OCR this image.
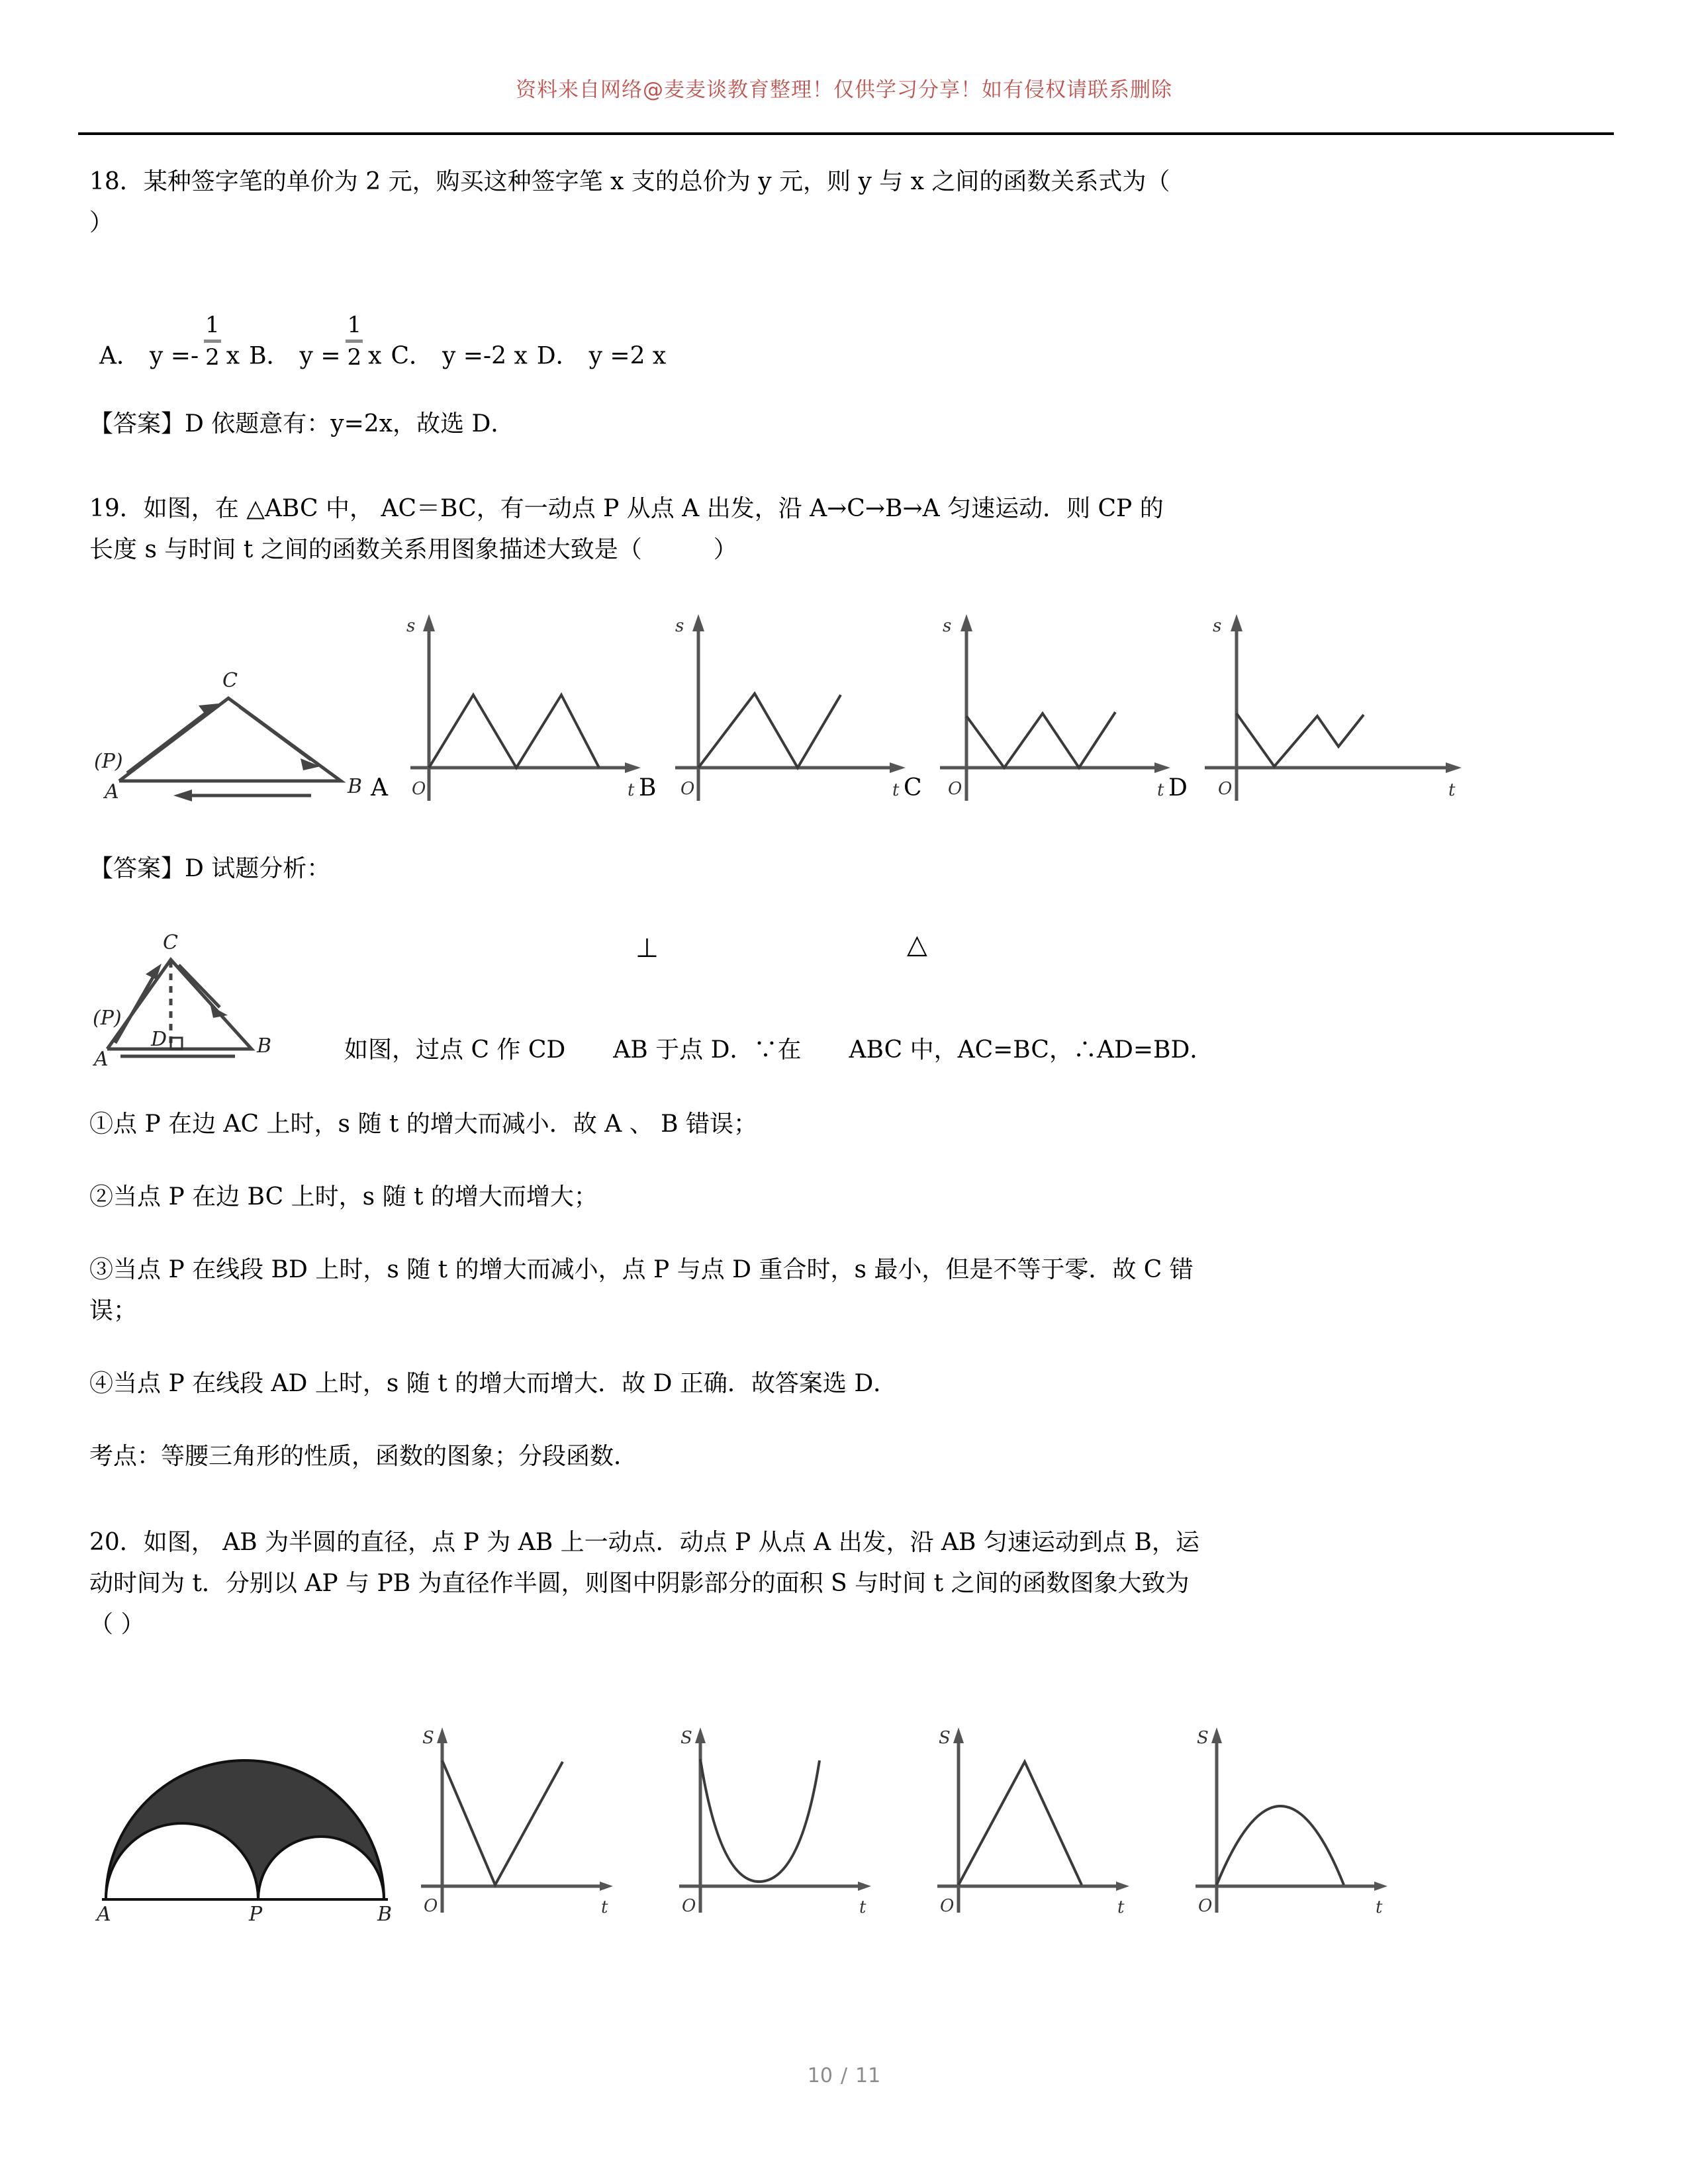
资料来自网络@麦麦谈教育整理！仅供学习分享！如有侵权请联系删除
18．某种签字笔的单价为 2 元，购买这种签字笔 x 支的总价为 y 元，则 y 与 x 之间的函数关系式为（
）
A． y =-
1
2 x B． y =
1
2 x C． y =-2 x D． y =2 x
【答案】D 依题意有：y=2x，故选 D．
19．如图，在 △ABC 中， AC＝BC，有一动点 P 从点 A 出发，沿 A→C→B→A 匀速运动．则 CP 的
长度 s 与时间 t 之间的函数关系用图象描述大致是（　　　）
A	B
C
(P)
A
s
O	t B
s
O	t C
s
O	t D
s
O	t
【答案】D 试题分析：
⊥	△
A
B
C
D
(P)
如图，过点 C 作 CD　　AB 于点 D．∵在　　ABC 中，AC=BC，∴AD=BD．
①点 P 在边 AC 上时，s 随 t 的增大而减小．故 A 、 B 错误；
②当点 P 在边 BC 上时，s 随 t 的增大而增大；
③当点 P 在线段 BD 上时，s 随 t 的增大而减小，点 P 与点 D 重合时，s 最小，但是不等于零．故 C 错
误；
④当点 P 在线段 AD 上时，s 随 t 的增大而增大．故 D 正确．故答案选 D．
考点：等腰三角形的性质，函数的图象；分段函数．
20．如图， AB 为半圆的直径，点 P 为 AB 上一动点．动点 P 从点 A 出发，沿 AB 匀速运动到点 B，运
动时间为 t．分别以 AP 与 PB 为直径作半圆，则图中阴影部分的面积 S 与时间 t 之间的函数图象大致为
（ ）
A	P	B
S
O	t
S
O	t
S
O	t
S
O	t
10 / 11
